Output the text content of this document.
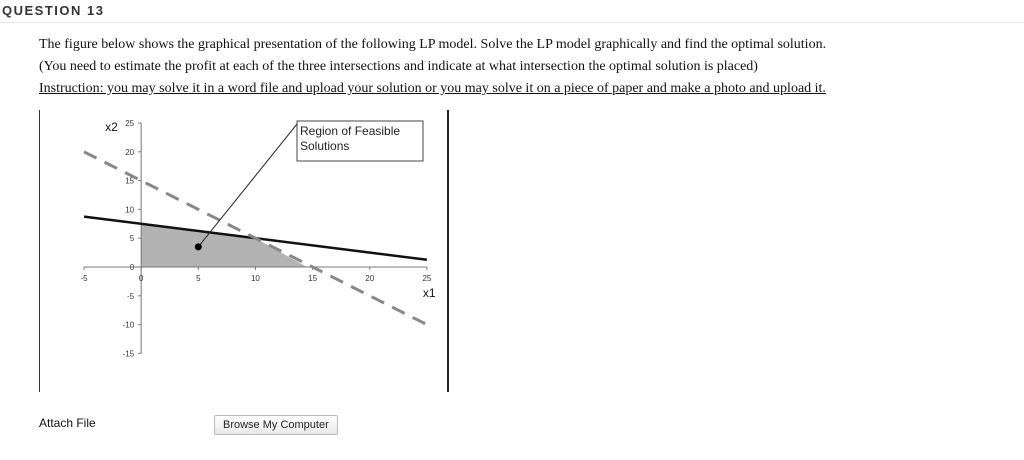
QUESTION 13
The figure below shows the graphical presentation of the following LP model. Solve the LP model graphically and find the optimal solution.
(You need to estimate the profit at each of the three intersections and indicate at what intersection the optimal solution is placed)
Instruction: you may solve it in a word file and upload your solution or you may solve it on a piece of paper and make a photo and upload it.
-5	0	5	10	15	20	25
25
20
15
10
5
0
-5
-10
-15
x1
x2	Region of Feasible
Solutions
Attach File	Browse My Computer
